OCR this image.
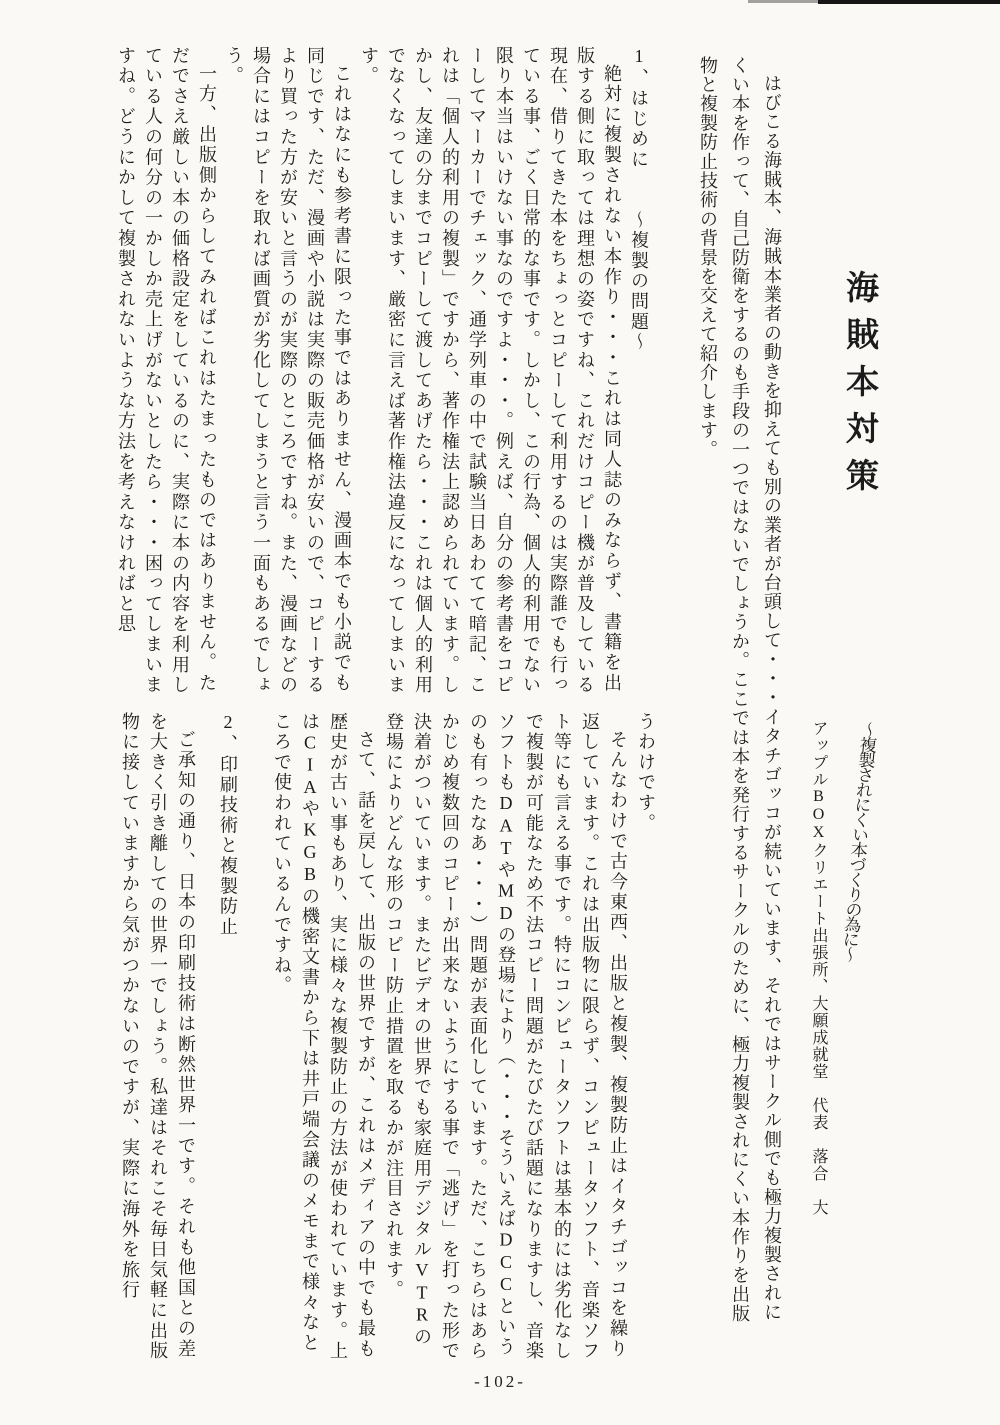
海賊本対策
〜複製されにくい本づくりの為に〜
アップルBOXクリエート出張所、大願成就堂　代表　落合　大
はびこる海賊本、海賊本業者の動きを抑えても別の業者が台頭して・・・イタチゴッコが続いています、それではサークル側でも極力複製されにくい本を作って、自己防衛をするのも手段の一つではないでしょうか。ここでは本を発行するサークルのために、極力複製されにくい本作りを出版物と複製防止技術の背景を交えて紹介します。

1、はじめに　　〜複製の問題〜

絶対に複製されない本作り・・・これは同人誌のみならず、書籍を出版する側に取っては理想の姿ですね、これだけコピー機が普及している現在、借りてきた本をちょっとコピーして利用するのは実際誰でも行っている事、ごく日常的な事です。しかし、この行為、個人的利用でない限り本当はいけない事なのですよ・・・。例えば、自分の参考書をコピーしてマーカーでチェック、通学列車の中で試験当日あわてて暗記、これは「個人的利用の複製」ですから、著作権法上認められています。しかし、友達の分までコピーして渡してあげたら・・・これは個人的利用でなくなってしまいます、厳密に言えば著作権法違反になってしまいます。

これはなにも参考書に限った事ではありません、漫画本でも小説でも同じです、ただ、漫画や小説は実際の販売価格が安いので、コピーするより買った方が安いと言うのが実際のところですね。また、漫画などの場合にはコピーを取れば画質が劣化してしまうと言う一面もあるでしょう。

一方、出版側からしてみればこれはたまったものではありません。ただでさえ厳しい本の価格設定をしているのに、実際に本の内容を利用している人の何分の一かしか売上げがないとしたら・・・困ってしまいますね。どうにかして複製されないような方法を考えなければと思

うわけです。

そんなわけで古今東西、出版と複製、複製防止はイタチゴッコを繰り返しています。これは出版物に限らず、コンピュータソフト、音楽ソフト等にも言える事です。特にコンピュータソフトは基本的には劣化なしで複製が可能なため不法コピー問題がたびたび話題になりますし、音楽ソフトもDATやMDの登場により（・・・そういえばDCCというのも有ったなあ・・・）問題が表面化しています。ただ、こちらはあらかじめ複数回のコピーが出来ないようにする事で「逃げ」を打った形で決着がついています。またビデオの世界でも家庭用デジタルVTRの登場によりどんな形のコピー防止措置を取るかが注目されます。

さて、話を戻して、出版の世界ですが、これはメディアの中でも最も歴史が古い事もあり、実に様々な複製防止の方法が使われています。上はCIAやKGBの機密文書から下は井戸端会議のメモまで様々なところで使われているんですね。

2、印刷技術と複製防止

ご承知の通り、日本の印刷技術は断然世界一です。それも他国との差を大きく引き離しての世界一でしょう。私達はそれこそ毎日気軽に出版物に接していますから気がつかないのですが、実際に海外を旅行

-102-
